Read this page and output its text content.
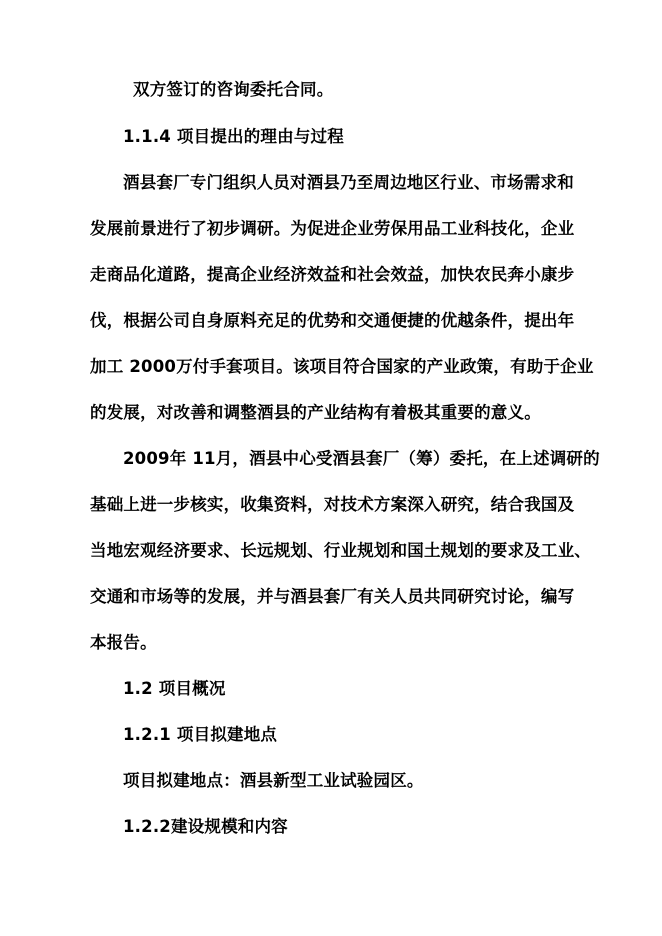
双方签订的咨询委托合同。
1.1.4 项目提出的理由与过程
酒县套厂专门组织人员对酒县乃至周边地区行业、市场需求和
发展前景进行了初步调研。为促进企业劳保用品工业科技化，企业
走商品化道路，提高企业经济效益和社会效益，加快农民奔小康步
伐，根据公司自身原料充足的优势和交通便捷的优越条件，提出年
加工 2000万付手套项目。该项目符合国家的产业政策，有助于企业
的发展，对改善和调整酒县的产业结构有着极其重要的意义。
2009年 11月，酒县中心受酒县套厂（筹）委托，在上述调研的
基础上进一步核实，收集资料，对技术方案深入研究，结合我国及
当地宏观经济要求、长远规划、行业规划和国土规划的要求及工业、
交通和市场等的发展，并与酒县套厂有关人员共同研究讨论，编写
本报告。
1.2 项目概况
1.2.1 项目拟建地点
项目拟建地点：酒县新型工业试验园区。
1.2.2建设规模和内容
